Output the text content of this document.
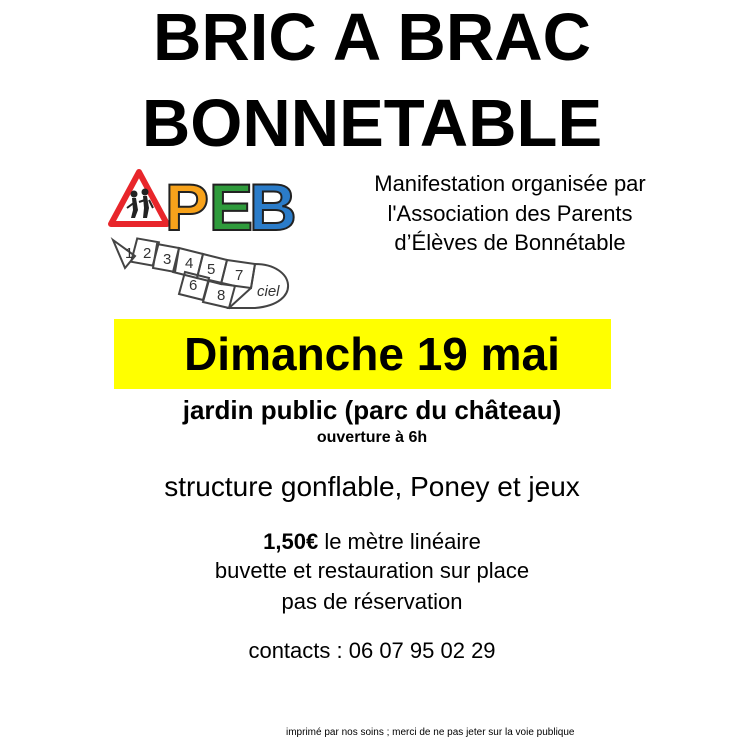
BRIC A BRAC
BONNETABLE
1 2 3 4 5
6
7
8 ciel
P E
B	Manifestation organisée par
l'Association des Parents
d’Élèves de Bonnétable
Dimanche 19 mai
jardin public (parc du château)
ouverture à 6h
structure gonflable, Poney et jeux
1,50€ le mètre linéaire
buvette et restauration sur place
pas de réservation
contacts : 06 07 95 02 29
imprimé par nos soins ; merci de ne pas jeter sur la voie publique
